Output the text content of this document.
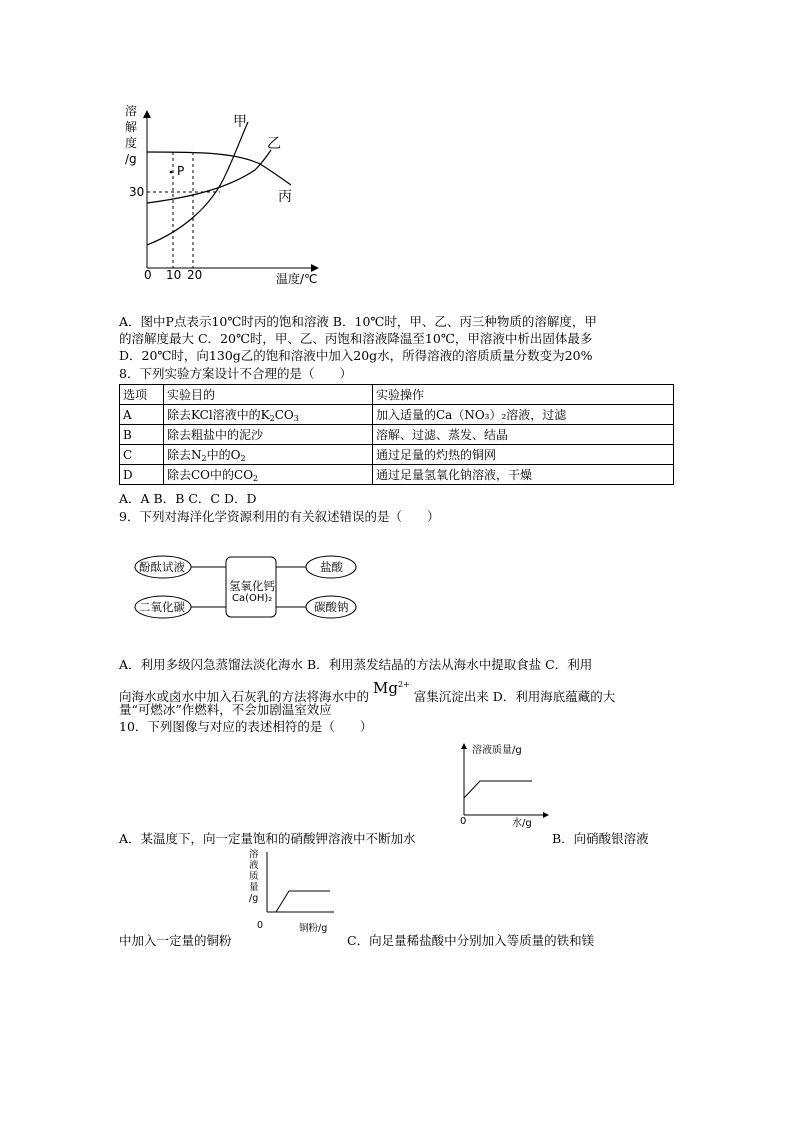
溶
解
度
/g
30
0 10 20	温度/℃
甲
乙
丙
P
A．图中P点表示10℃时丙的饱和溶液 B．10℃时，甲、乙、丙三种物质的溶解度，甲
的溶解度最大 C．20℃时，甲、乙、丙饱和溶液降温至10℃，甲溶液中析出固体最多
D．20℃时，向130g乙的饱和溶液中加入20g水，所得溶液的溶质质量分数变为20%
8．下列实验方案设计不合理的是（　　）
选项	实验目的	实验操作
A	除去KCl溶液中的$K_2CO_3$	加入适量的Ca（NO₃）₂溶液，过滤
B	除去粗盐中的泥沙	溶解、过滤、蒸发、结晶
C	除去$N_2$中的$O_2$	通过足量的灼热的铜网
D	除去CO中的$CO_2$	通过足量氢氧化钠溶液，干燥
A．A B．B C．C D．D
9．下列对海洋化学资源利用的有关叙述错误的是（　　）
酚酞试液
二氧化碳
盐酸
碳酸钠
氢氧化钙
Ca(OH)₂
A．利用多级闪急蒸馏法淡化海水 B．利用蒸发结晶的方法从海水中提取食盐 C．利用
向海水或卤水中加入石灰乳的方法将海水中的 $Mg^{2+}$富集沉淀出来 D．利用海底蕴藏的大
量“可燃冰”作燃料，不会加剧温室效应
10．下列图像与对应的表述相符的是（　　）
溶液质量/g
水/g
0
A．某温度下，向一定量饱和的硝酸钾溶液中不断加水	B．向硝酸银溶液
溶
液
质
量
/g
0	铜粉/g
中加入一定量的铜粉	C．向足量稀盐酸中分别加入等质量的铁和镁
